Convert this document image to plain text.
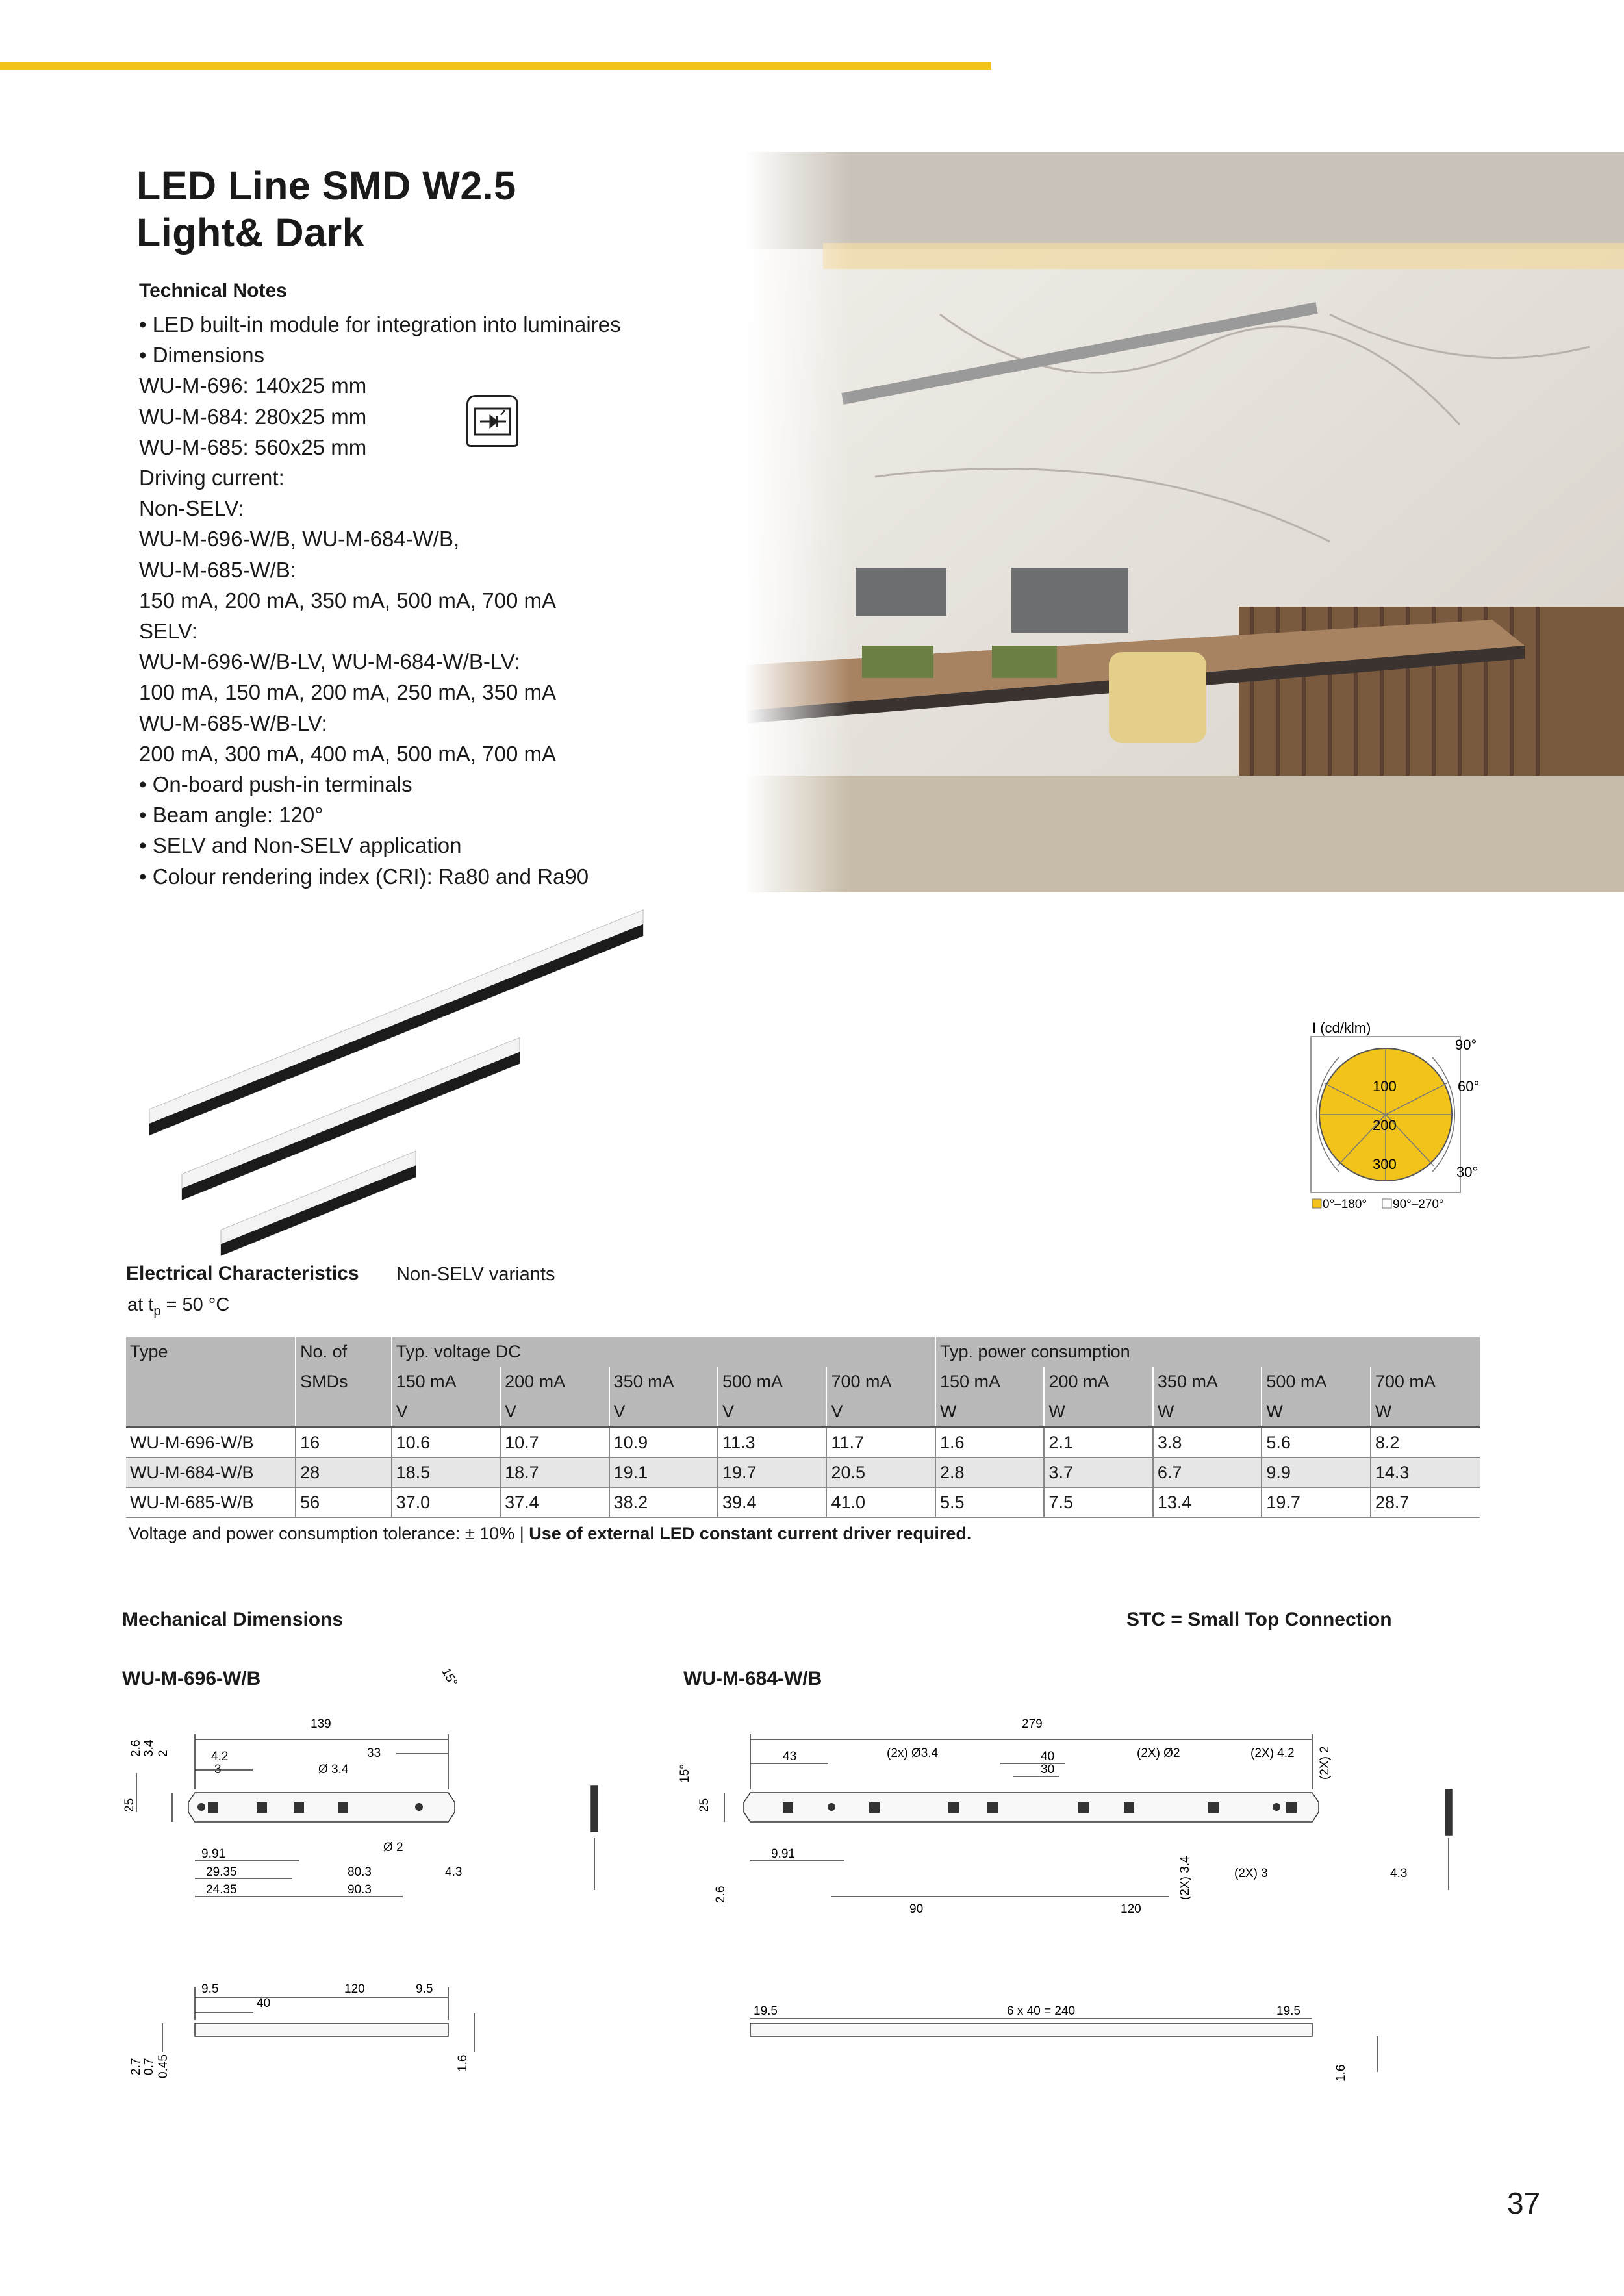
LED Line SMD W2.5
Light& Dark
Technical Notes
• LED built-in module for integration into luminaires
• Dimensions
WU-M-696: 140x25 mm
WU-M-684: 280x25 mm
WU-M-685: 560x25 mm
Driving current:
Non-SELV:
WU-M-696-W/B, WU-M-684-W/B,
WU-M-685-W/B:
150 mA, 200 mA, 350 mA, 500 mA, 700 mA
SELV:
WU-M-696-W/B-LV, WU-M-684-W/B-LV:
100 mA, 150 mA, 200 mA, 250 mA, 350 mA
WU-M-685-W/B-LV:
200 mA, 300 mA, 400 mA, 500 mA, 700 mA
• On-board push-in terminals
• Beam angle: 120°
• SELV and Non-SELV application
• Colour rendering index (CRI): Ra80 and Ra90
I (cd/klm)
100
200
300
90°
60°
30°
0°–180° 90°–270°
Electrical Characteristics Non-SELV variants
at $t_p = 50$ °C
Type	No. of	Typ. voltage DC					Typ. power consumption				
	SMDs	150 mA	200 mA	350 mA	500 mA	700 mA	150 mA	200 mA	350 mA	500 mA	700 mA
		V	V	V	V	V	W	W	W	W	W
WU-M-696-W/B	16	10.6	10.7	10.9	11.3	11.7	1.6	2.1	3.8	5.6	8.2
WU-M-684-W/B	28	18.5	18.7	19.1	19.7	20.5	2.8	3.7	6.7	9.9	14.3
WU-M-685-W/B	56	37.0	37.4	38.2	39.4	41.0	5.5	7.5	13.4	19.7	28.7
Voltage and power consumption tolerance: ± 10% | Use of external LED constant current driver required.
Mechanical Dimensions	STC = Small Top Connection
WU-M-696-W/B	WU-M-684-W/B
139
4.2
3
33
Ø 3.4
15°
2.6 3.4 2
25
9.91
29.35
24.35
80.3
90.3
Ø 2
4.3
9.5	120	9.5
40
2.7 0.7 0.45	1.6
279
43	(2x) Ø3.4	40
30
(2X) Ø2	(2X) 4.2 (2X) 2
15°
25
9.91
2.6	(2X) 3.4	(2X) 3	4.3
90	120
19.5	6 x 40 = 240	19.5
1.6
37
